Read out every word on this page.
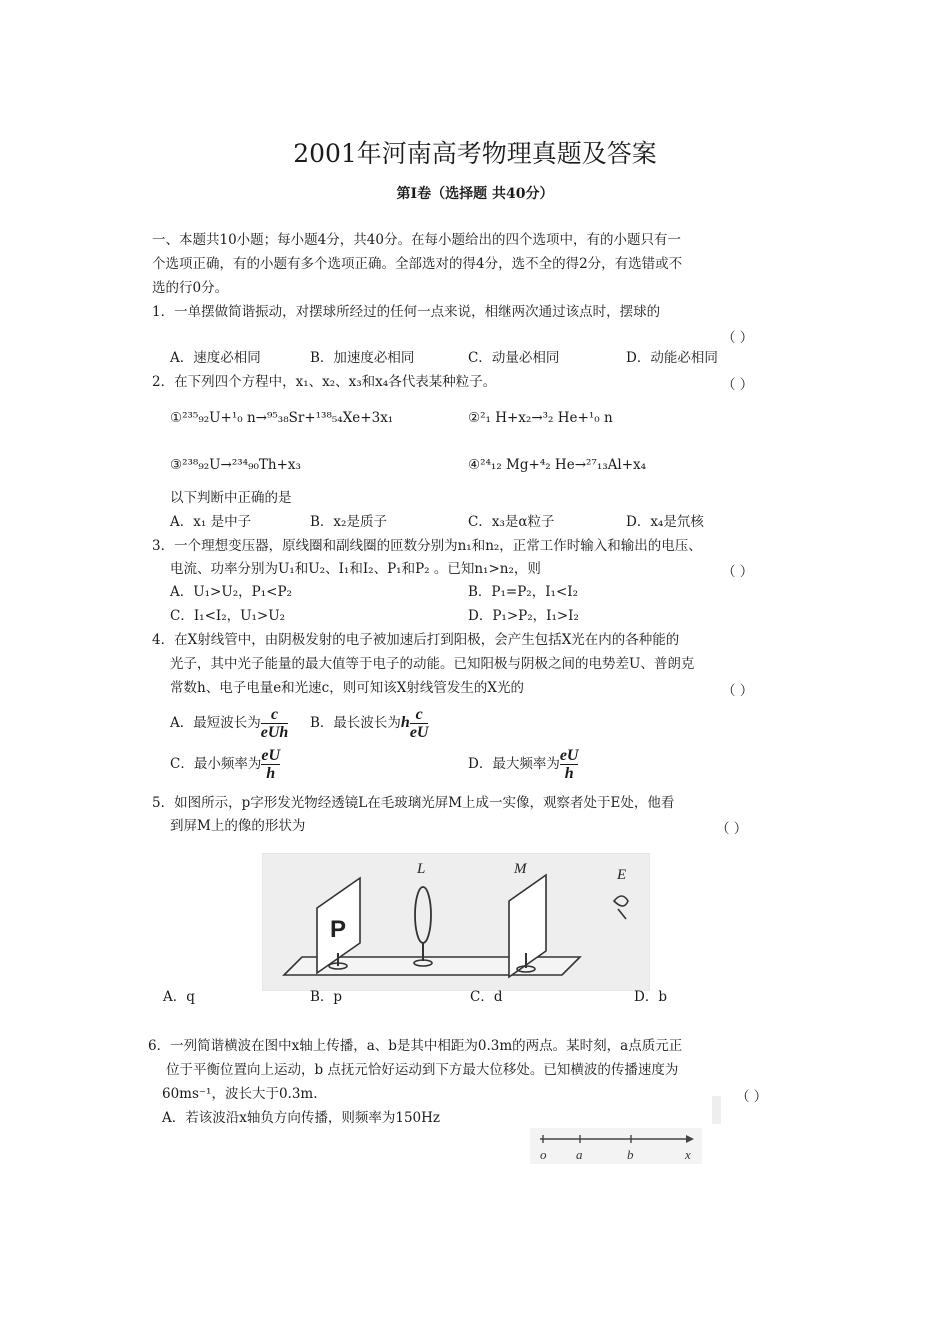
2001年河南高考物理真题及答案
第Ⅰ卷（选择题 共40分）
一、本题共10小题；每小题4分，共40分。在每小题给出的四个选项中，有的小题只有一
个选项正确，有的小题有多个选项正确。全部选对的得4分，选不全的得2分，有选错或不
选的行0分。
1．一单摆做简谐振动，对摆球所经过的任何一点来说，相继两次通过该点时，摆球的
（ ）
A．速度必相同	B．加速度必相同	C．动量必相同	D．动能必相同
2．在下列四个方程中，x₁、x₂、x₃和x₄各代表某种粒子。	（ ）
①²³⁵₉₂U+¹₀ n→⁹⁵₃₈Sr+¹³⁸₅₄Xe+3x₁	②²₁ H+x₂→³₂ He+¹₀ n
③²³⁸₉₂U→²³⁴₉₀Th+x₃	④²⁴₁₂ Mg+⁴₂ He→²⁷₁₃Al+x₄
以下判断中正确的是
A．x₁ 是中子	B．x₂是质子	C．x₃是α粒子	D．x₄是氘核
3．一个理想变压器，原线圈和副线圈的匝数分别为n₁和n₂，正常工作时输入和输出的电压、
电流、功率分别为U₁和U₂、I₁和I₂、P₁和P₂ 。已知n₁>n₂，则	（ ）
A．U₁>U₂，P₁<P₂	B．P₁=P₂，I₁<I₂
C．I₁<I₂，U₁>U₂	D．P₁>P₂，I₁>I₂
4．在X射线管中，由阴极发射的电子被加速后打到阳极，会产生包括X光在内的各种能的
光子，其中光子能量的最大值等于电子的动能。已知阳极与阴极之间的电势差U、普朗克
常数h、电子电量e和光速c，则可知该X射线管发生的X光的	（ ）
A．最短波长为 $\frac{c}{\text{eUh}}$ B．最长波长为 h $\frac{c}{eU}$
C．最小频率为 $\frac{eU}{h}$	D．最大频率为 $\frac{eU}{h}$
5．如图所示，p字形发光物经透镜L在毛玻璃光屏M上成一实像，观察者处于E处，他看
到屏M上的像的形状为	（ ）
P
L	M	E
A．q	B．p	C．d	D．b
6．一列简谐横波在图中x轴上传播，a、b是其中相距为0.3m的两点。某时刻，a点质元正
位于平衡位置向上运动，b 点抚元恰好运动到下方最大位移处。已知横波的传播速度为
60ms⁻¹，波长大于0.3m.	（ ）
A．若该波沿x轴负方向传播，则频率为150Hz
o a	b	x
